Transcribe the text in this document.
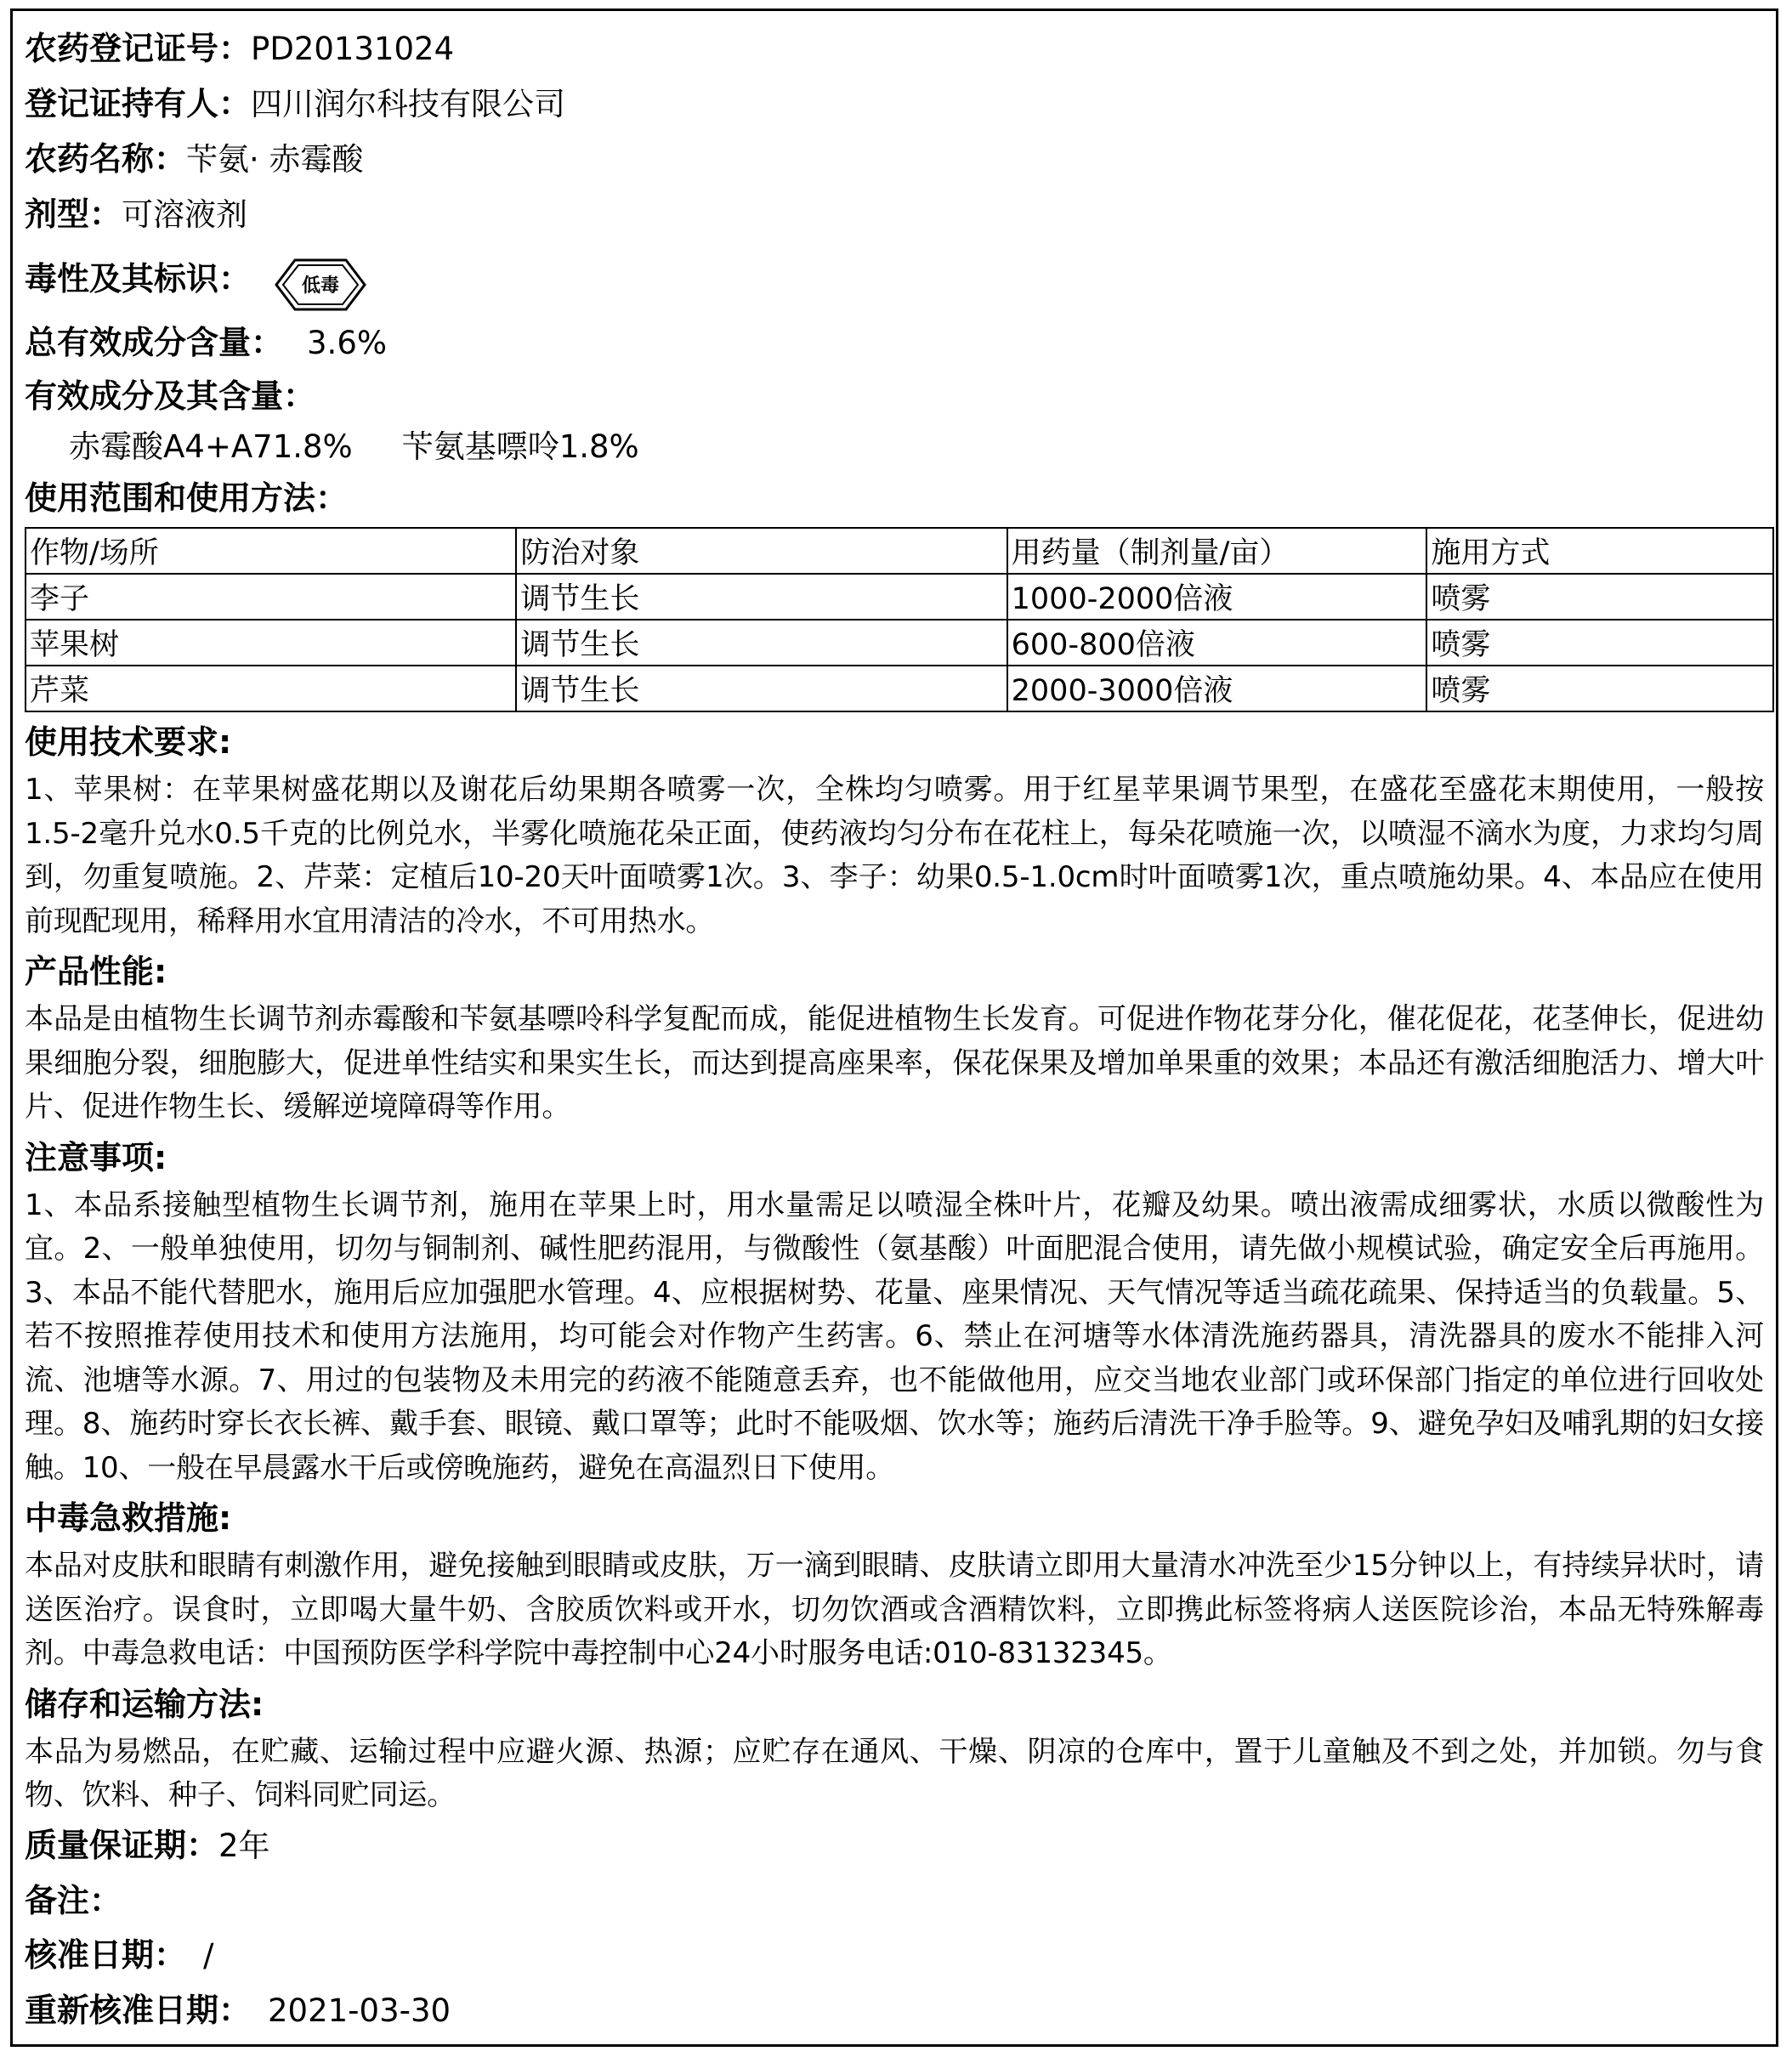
农药登记证号：PD20131024
登记证持有人：四川润尔科技有限公司
农药名称：苄氨· 赤霉酸
剂型：可溶液剂
毒性及其标识：	低毒
总有效成分含量： 3.6%
有效成分及其含量：
赤霉酸A4+A71.8% 苄氨基嘌呤1.8%
使用范围和使用方法：
作物/场所	防治对象	用药量（制剂量/亩）	施用方式
李子	调节生长	1000-2000倍液	喷雾
苹果树	调节生长	600-800倍液	喷雾
芹菜	调节生长	2000-3000倍液	喷雾
使用技术要求:
1、苹果树：在苹果树盛花期以及谢花后幼果期各喷雾一次，全株均匀喷雾。用于红星苹果调节果型，在盛花至盛花末期使用，一般按1.5-2毫升兑水0.5千克的比例兑水，半雾化喷施花朵正面，使药液均匀分布在花柱上，每朵花喷施一次，以喷湿不滴水为度，力求均匀周到，勿重复喷施。2、芹菜：定植后10-20天叶面喷雾1次。3、李子：幼果0.5-1.0cm时叶面喷雾1次，重点喷施幼果。4、本品应在使用前现配现用，稀释用水宜用清洁的冷水，不可用热水。
产品性能:
本品是由植物生长调节剂赤霉酸和苄氨基嘌呤科学复配而成，能促进植物生长发育。可促进作物花芽分化，催花促花，花茎伸长，促进幼果细胞分裂，细胞膨大，促进单性结实和果实生长，而达到提高座果率，保花保果及增加单果重的效果；本品还有激活细胞活力、增大叶片、促进作物生长、缓解逆境障碍等作用。
注意事项:
1、本品系接触型植物生长调节剂，施用在苹果上时，用水量需足以喷湿全株叶片，花瓣及幼果。喷出液需成细雾状，水质以微酸性为宜。2、一般单独使用，切勿与铜制剂、碱性肥药混用，与微酸性（氨基酸）叶面肥混合使用，请先做小规模试验，确定安全后再施用。3、本品不能代替肥水，施用后应加强肥水管理。4、应根据树势、花量、座果情况、天气情况等适当疏花疏果、保持适当的负载量。5、若不按照推荐使用技术和使用方法施用，均可能会对作物产生药害。6、禁止在河塘等水体清洗施药器具，清洗器具的废水不能排入河流、池塘等水源。7、用过的包装物及未用完的药液不能随意丢弃，也不能做他用，应交当地农业部门或环保部门指定的单位进行回收处理。8、施药时穿长衣长裤、戴手套、眼镜、戴口罩等；此时不能吸烟、饮水等；施药后清洗干净手脸等。9、避免孕妇及哺乳期的妇女接触。10、一般在早晨露水干后或傍晚施药，避免在高温烈日下使用。
中毒急救措施:
本品对皮肤和眼睛有刺激作用，避免接触到眼睛或皮肤，万一滴到眼睛、皮肤请立即用大量清水冲洗至少15分钟以上，有持续异状时，请送医治疗。误食时，立即喝大量牛奶、含胶质饮料或开水，切勿饮酒或含酒精饮料，立即携此标签将病人送医院诊治，本品无特殊解毒剂。中毒急救电话：中国预防医学科学院中毒控制中心24小时服务电话:010-83132345。
储存和运输方法:
本品为易燃品，在贮藏、运输过程中应避火源、热源；应贮存在通风、干燥、阴凉的仓库中，置于儿童触及不到之处，并加锁。勿与食物、饮料、种子、饲料同贮同运。
质量保证期：2年
备注：
核准日期： /
重新核准日期： 2021-03-30
